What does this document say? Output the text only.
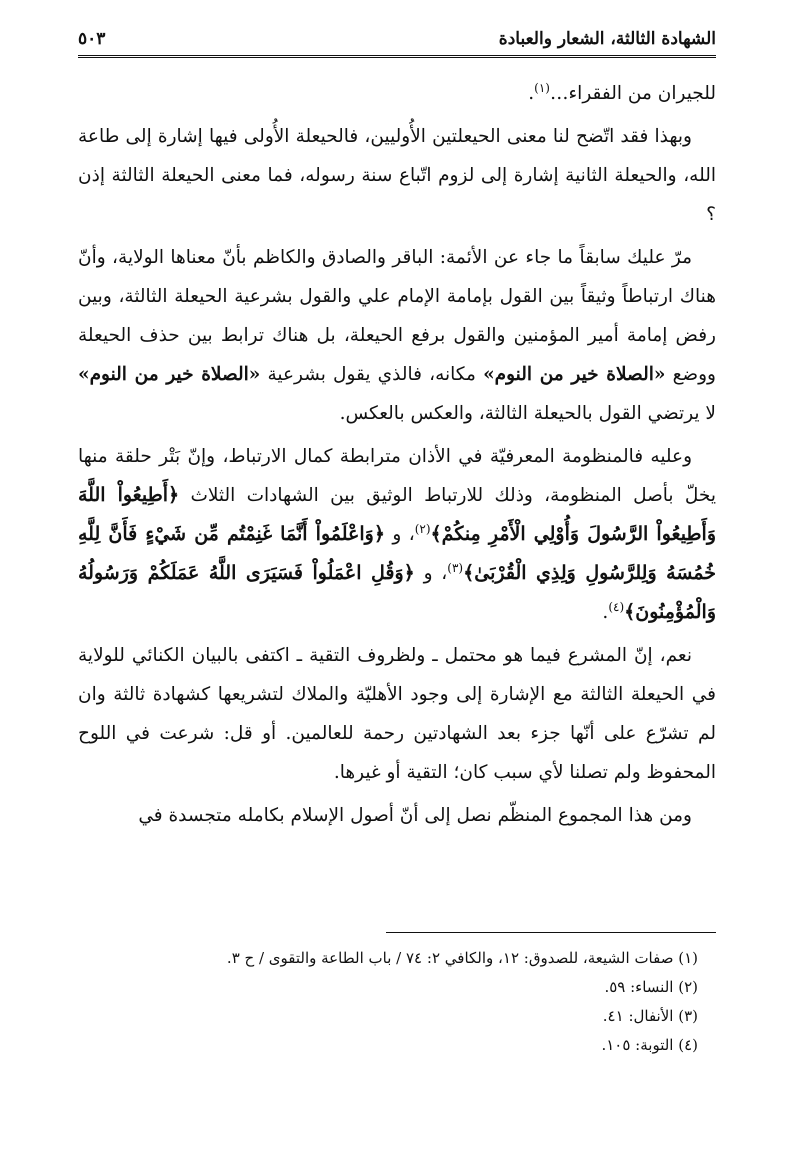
الشهادة الثالثة، الشعار والعبادة
٥٠٣

للجيران من الفقراء…$^{(١)}$.

وبهذا فقد اتّضح لنا معنى الحيعلتين الأُوليين، فالحيعلة الأُولى فيها إشارة إلى طاعة الله، والحيعلة الثانية إشارة إلى لزوم اتّباع سنة رسوله، فما معنى الحيعلة الثالثة إذن ؟

مرّ عليك سابقاً ما جاء عن الأئمة: الباقر والصادق والكاظم بأنّ معناها الولاية، وأنّ هناك ارتباطاً وثيقاً بين القول بإمامة الإمام علي والقول بشرعية الحيعلة الثالثة، وبين رفض إمامة أمير المؤمنين والقول برفع الحيعلة، بل هناك ترابط بين حذف الحيعلة ووضع «الصلاة خير من النوم» مكانه، فالذي يقول بشرعية «الصلاة خير من النوم» لا يرتضي القول بالحيعلة الثالثة، والعكس بالعكس.

وعليه فالمنظومة المعرفيّة في الأذان مترابطة كمال الارتباط، وإنّ بَتْر حلقة منها يخلّ بأصل المنظومة، وذلك للارتباط الوثيق بين الشهادات الثلاث ﴿أَطِيعُواْ اللَّهَ وَأَطِيعُواْ الرَّسُولَ وَأُوْلِي الْأَمْرِ مِنكُمْ﴾$^{(٢)}$، و ﴿وَاعْلَمُواْ أَنَّمَا غَنِمْتُم مِّن شَيْءٍ فَأَنَّ لِلَّهِ خُمُسَهُ وَلِلرَّسُولِ وَلِذِي الْقُرْبَىٰ﴾$^{(٣)}$، و ﴿وَقُلِ اعْمَلُواْ فَسَيَرَى اللَّهُ عَمَلَكُمْ وَرَسُولُهُ وَالْمُؤْمِنُونَ﴾$^{(٤)}$.

نعم، إنّ المشرع فيما هو محتمل ـ ولظروف التقية ـ اكتفى بالبيان الكنائي للولاية في الحيعلة الثالثة مع الإشارة إلى وجود الأهليّة والملاك لتشريعها كشهادة ثالثة وان لم تشرّع على أنّها جزء بعد الشهادتين رحمة للعالمين. أو قل: شرعت في اللوح المحفوظ ولم تصلنا لأي سبب كان؛ التقية أو غيرها.

ومن هذا المجموع المنظّم نصل إلى أنّ أصول الإسلام بكامله متجسدة في

(١) صفات الشيعة، للصدوق: ١٢، والكافي ٢: ٧٤ / باب الطاعة والتقوى / ح ٣.
(٢) النساء: ٥٩.
(٣) الأنفال: ٤١.
(٤) التوبة: ١٠٥.
